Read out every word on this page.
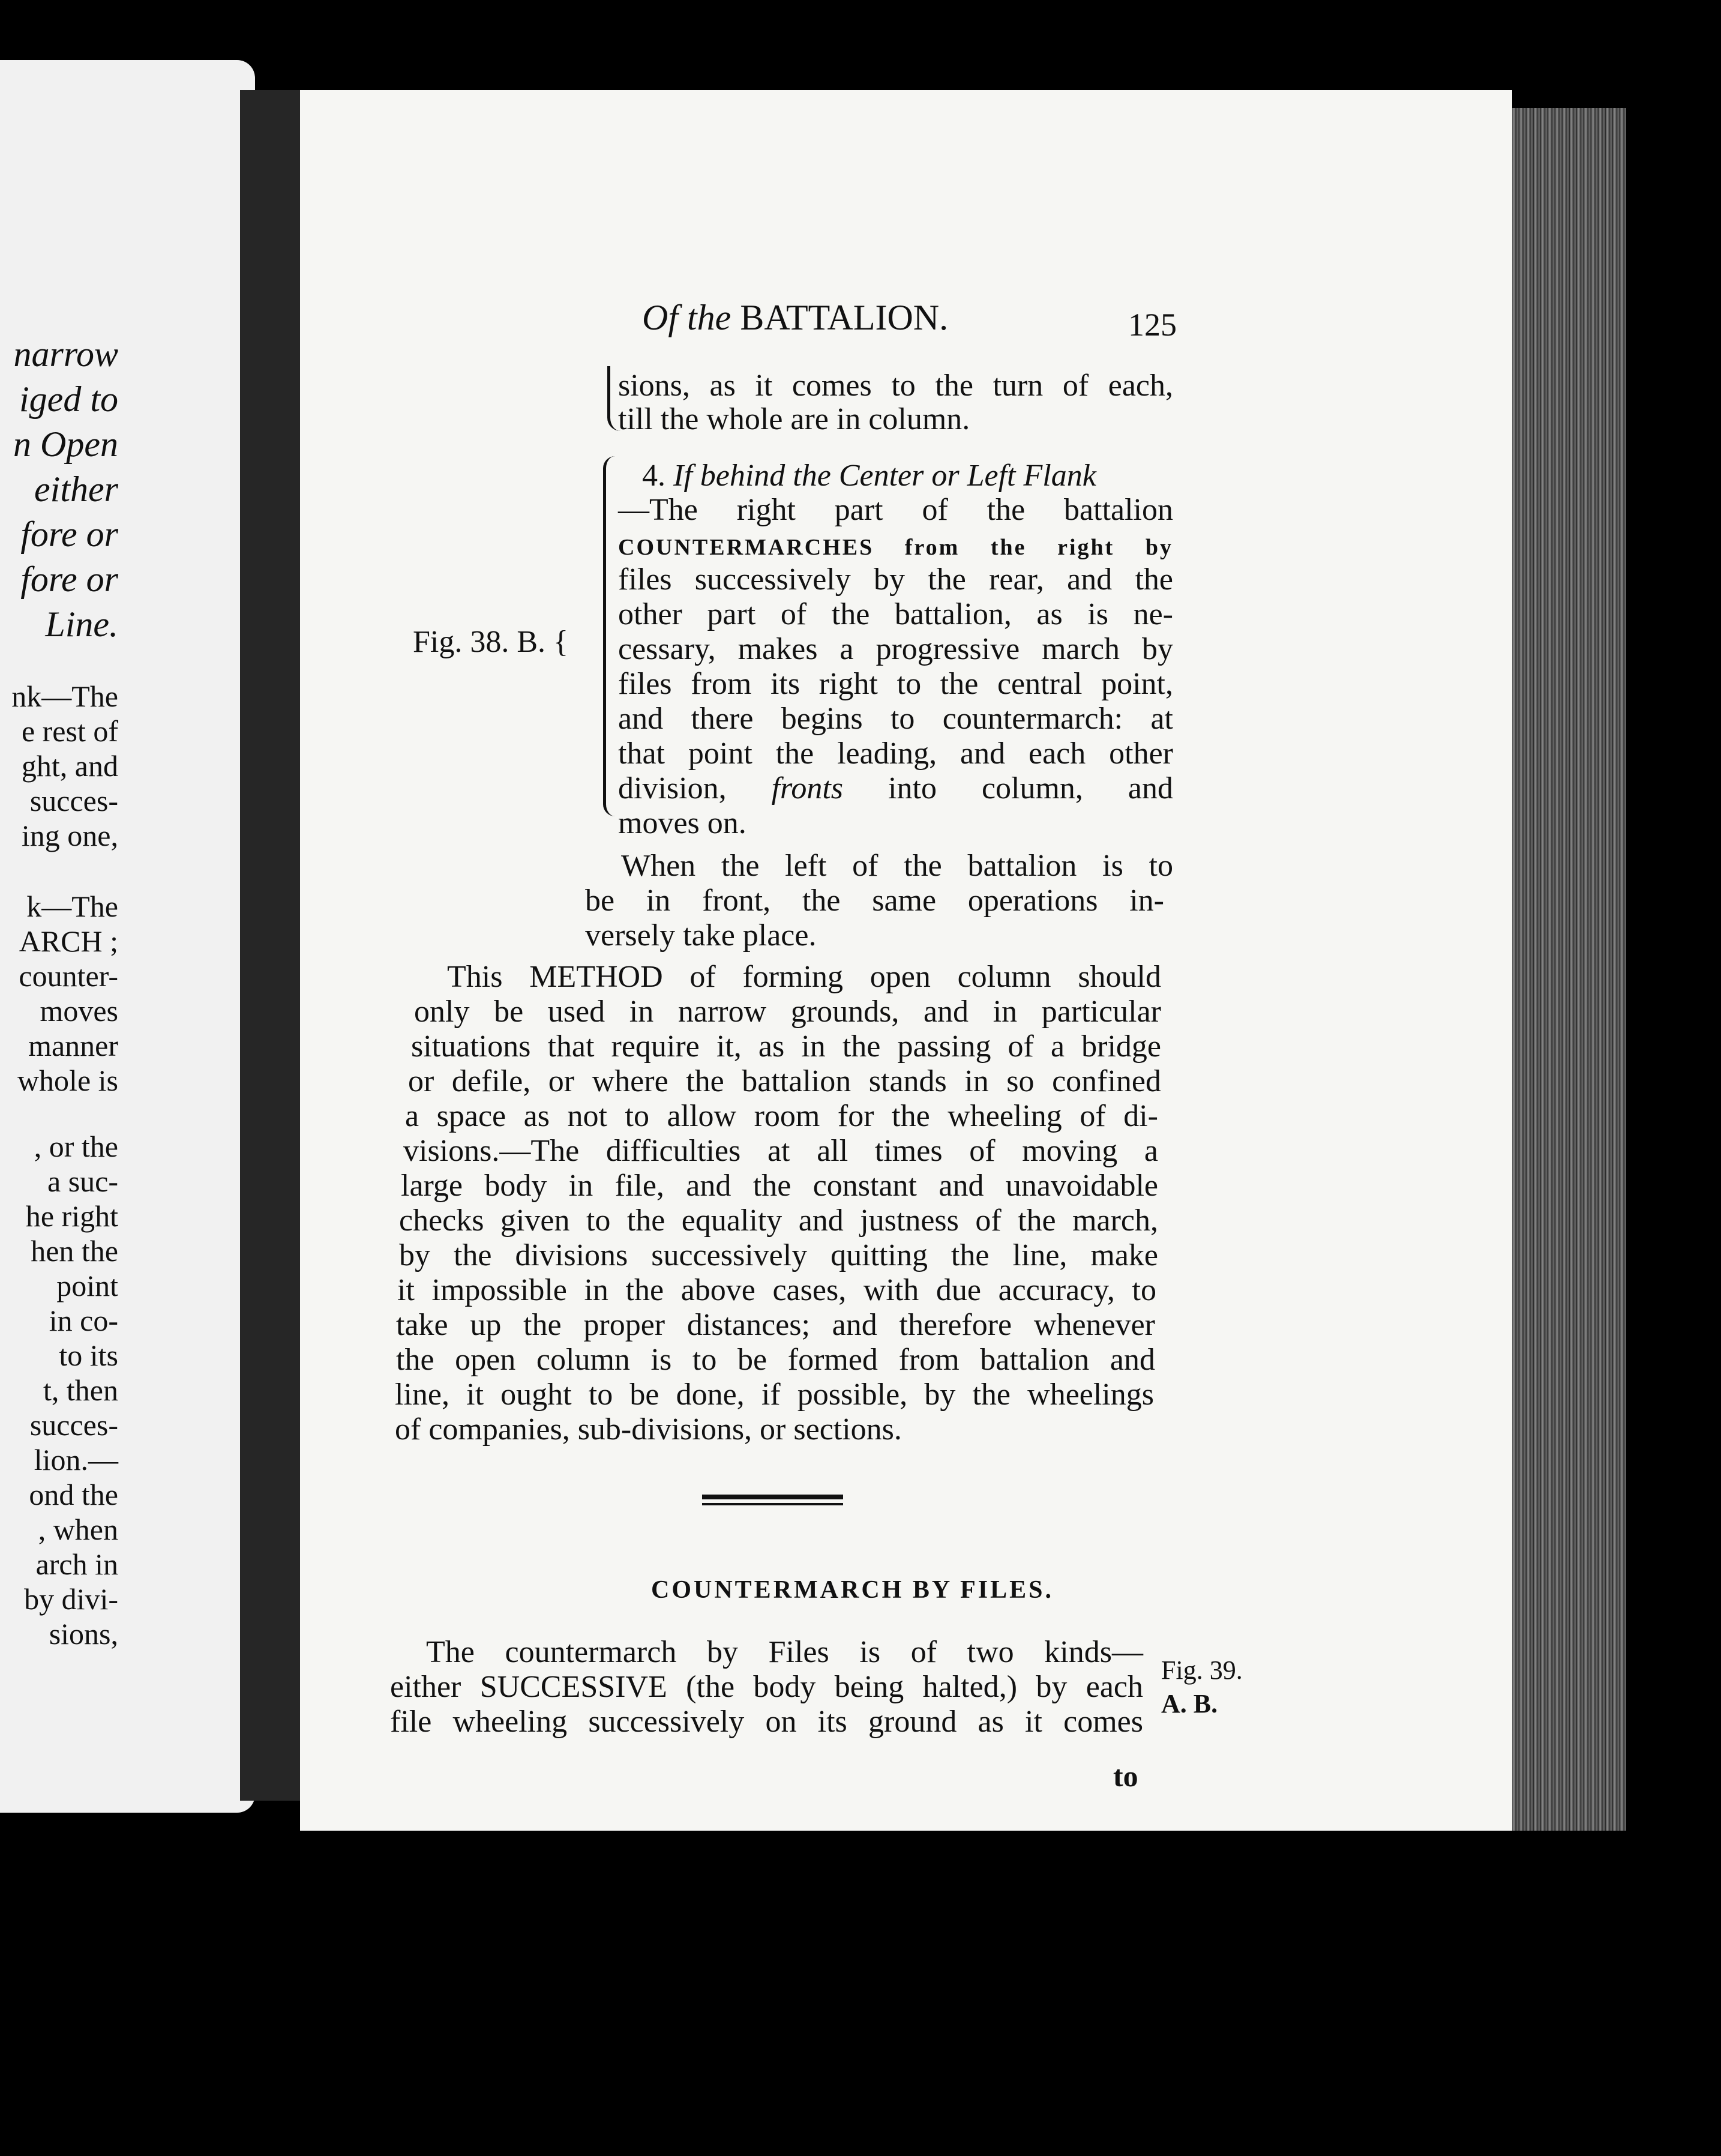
narrow
iged to
n Open
either
fore or
fore or
Line.
nk—The
e rest of
ght, and
succes-
ing one,
k—The
ARCH ;
counter-
moves
manner
whole is
, or the
a suc-
he right
hen the
point
in co-
to its
t, then
succes-
lion.—
ond the
, when
arch in
by divi-
sions,
Of the BATTALION.	125
sions, as it comes to the turn of each,
till the whole are in column.
Fig. 38. B. {
4. If behind the Center or Left Flank
—The right part of the battalion
COUNTERMARCHES from the right by
files successively by the rear, and the
other part of the battalion, as is ne-
cessary, makes a progressive march by
files from its right to the central point,
and there begins to countermarch: at
that point the leading, and each other
division, fronts into column, and
moves on.
When the left of the battalion is to
be in front, the same operations in-
versely take place.
This METHOD of forming open column should
only be used in narrow grounds, and in particular
situations that require it, as in the passing of a bridge
or defile, or where the battalion stands in so confined
a space as not to allow room for the wheeling of di-
visions.—The difficulties at all times of moving a
large body in file, and the constant and unavoidable
checks given to the equality and justness of the march,
by the divisions successively quitting the line, make
it impossible in the above cases, with due accuracy, to
take up the proper distances; and therefore whenever
the open column is to be formed from battalion and
line, it ought to be done, if possible, by the wheelings
of companies, sub-divisions, or sections.
COUNTERMARCH BY FILES.
The countermarch by Files is of two kinds—
either SUCCESSIVE (the body being halted,) by each
file wheeling successively on its ground as it comes
Fig. 39.
A. B.
to
